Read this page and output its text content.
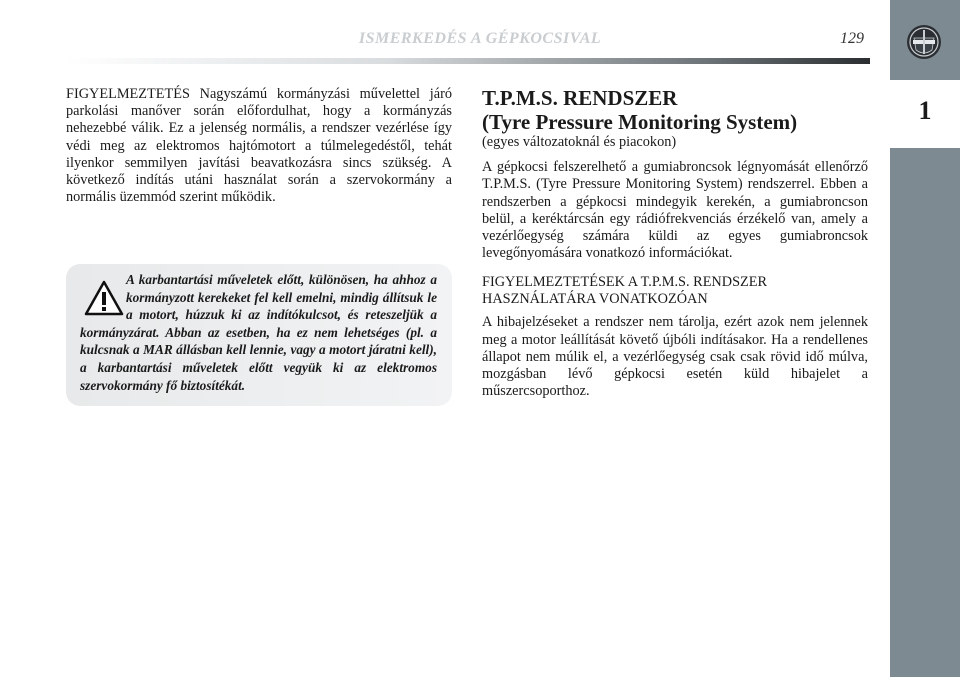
1
ISMERKEDÉS A GÉPKOCSIVAL	129

FIGYELMEZTETÉS Nagyszámú kormányzási művelettel járó parkolási manőver során előfordulhat, hogy a kormányzás nehezebbé válik. Ez a jelenség normális, a rendszer vezérlése így védi meg az elektromos hajtómotort a túlmelegedéstől, tehát ilyenkor semmilyen javítási beavatkozásra sincs szükség. A következő indítás utáni használat során a szervokormány a normális üzemmód szerint működik.

A karbantartási műveletek előtt, különösen, ha ahhoz a kormányzott kerekeket fel kell emelni, mindig állítsuk le a motort, húzzuk ki az indítókulcsot, és reteszeljük a kormányzárat. Abban az esetben, ha ez nem lehetséges (pl. a kulcsnak a MAR állásban kell lennie, vagy a motort járatni kell), a karbantartási műveletek előtt vegyük ki az elektromos szervokormány fő biztosítékát.
T.P.M.S. RENDSZER
(Tyre Pressure Monitoring System)

(egyes változatoknál és piacokon)

A gépkocsi felszerelhető a gumiabroncsok légnyomását ellenőrző T.P.M.S. (Tyre Pressure Monitoring System) rendszerrel. Ebben a rendszerben a gépkocsi mindegyik kerekén, a gumiabroncson belül, a keréktárcsán egy rádiófrekvenciás érzékelő van, amely a vezérlőegység számára küldi az egyes gumiabroncsok levegőnyomására vonatkozó információkat.

FIGYELMEZTETÉSEK A T.P.M.S. RENDSZER HASZNÁLATÁRA VONATKOZÓAN

A hibajelzéseket a rendszer nem tárolja, ezért azok nem jelennek meg a motor leállítását követő újbóli indításakor. Ha a rendellenes állapot nem múlik el, a vezérlőegység csak csak rövid idő múlva, mozgásban lévő gépkocsi esetén küld hibajelet a műszercsoporthoz.
